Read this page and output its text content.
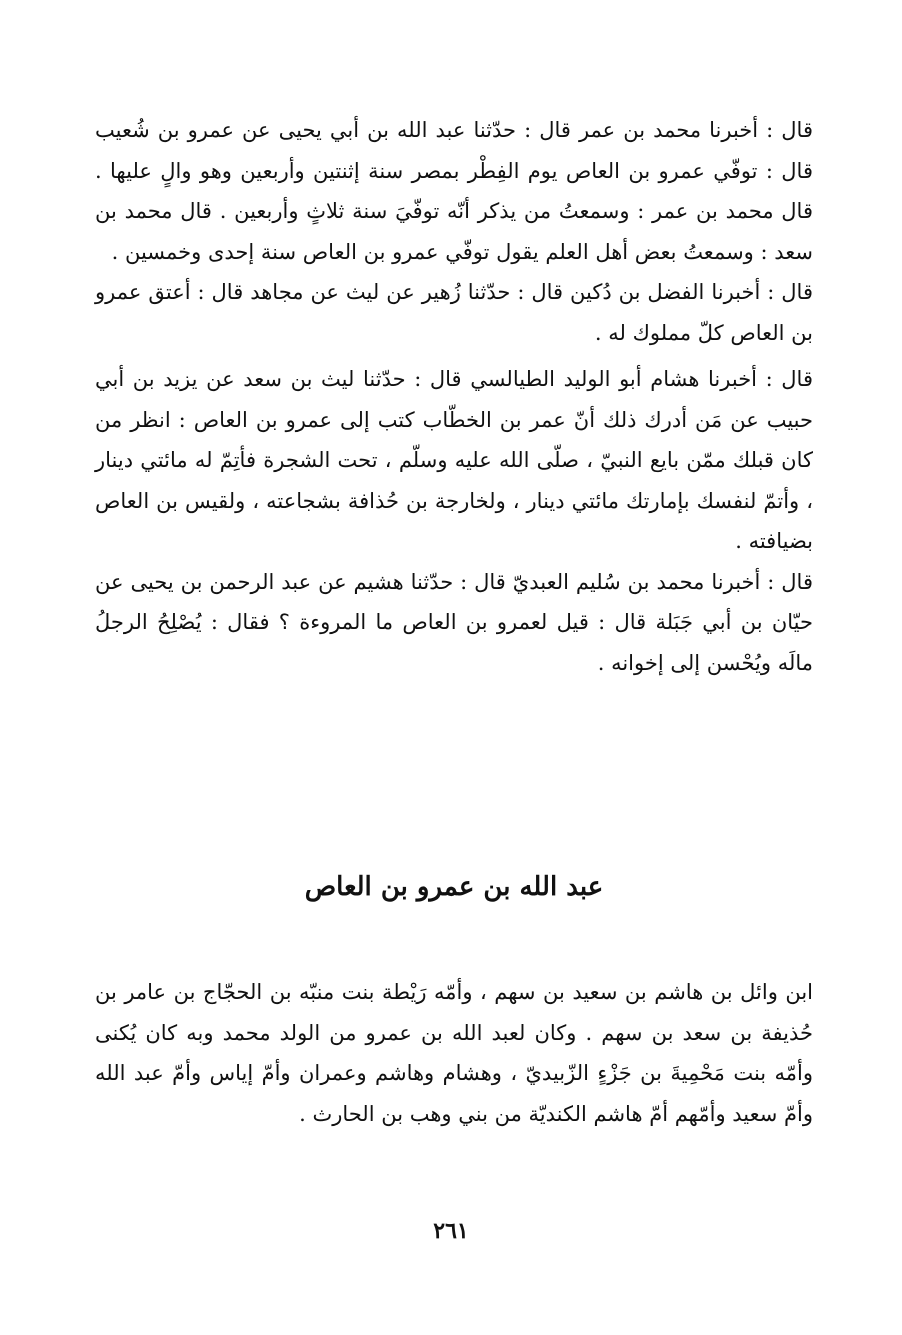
قال : أخبرنا محمد بن عمر قال : حدّثنا عبد الله بن أبي يحيى عن عمرو بن شُعيب قال : توفّي عمرو بن العاص يوم الفِطْر بمصر سنة إثنتين وأربعين وهو والٍ عليها . قال محمد بن عمر : وسمعتُ من يذكر أنّه توفّيَ سنة ثلاثٍ وأربعين . قال محمد بن سعد : وسمعتُ بعض أهل العلم يقول توفّي عمرو بن العاص سنة إحدى وخمسين .

قال : أخبرنا الفضل بن دُكين قال : حدّثنا زُهير عن ليث عن مجاهد قال : أعتق عمرو بن العاص كلّ مملوك له .

قال : أخبرنا هشام أبو الوليد الطيالسي قال : حدّثنا ليث بن سعد عن يزيد بن أبي حبيب عن مَن أدرك ذلك أنّ عمر بن الخطّاب كتب إلى عمرو بن العاص : انظر من كان قبلك ممّن بايع النبيّ ، صلّى الله عليه وسلّم ، تحت الشجرة فأتِمّ له مائتي دينار ، وأتمّ لنفسك بإمارتك مائتي دينار ، ولخارجة بن حُذافة بشجاعته ، ولقيس بن العاص بضيافته .

قال : أخبرنا محمد بن سُليم العبديّ قال : حدّثنا هشيم عن عبد الرحمن بن يحيى عن حيّان بن أبي جَبَلة قال : قيل لعمرو بن العاص ما المروءة ؟ فقال : يُصْلِحُ الرجلُ مالَه ويُحْسن إلى إخوانه .

عبد الله بن عمرو بن العاص

ابن وائل بن هاشم بن سعيد بن سهم ، وأمّه رَيْطة بنت منبّه بن الحجّاج بن عامر بن حُذيفة بن سعد بن سهم . وكان لعبد الله بن عمرو من الولد محمد وبه كان يُكنى وأمّه بنت مَحْمِيةَ بن جَزْءٍ الزّبيديّ ، وهشام وهاشم وعمران وأمّ إياس وأمّ عبد الله وأمّ سعيد وأمّهم أمّ هاشم الكنديّة من بني وهب بن الحارث .

٢٦١
